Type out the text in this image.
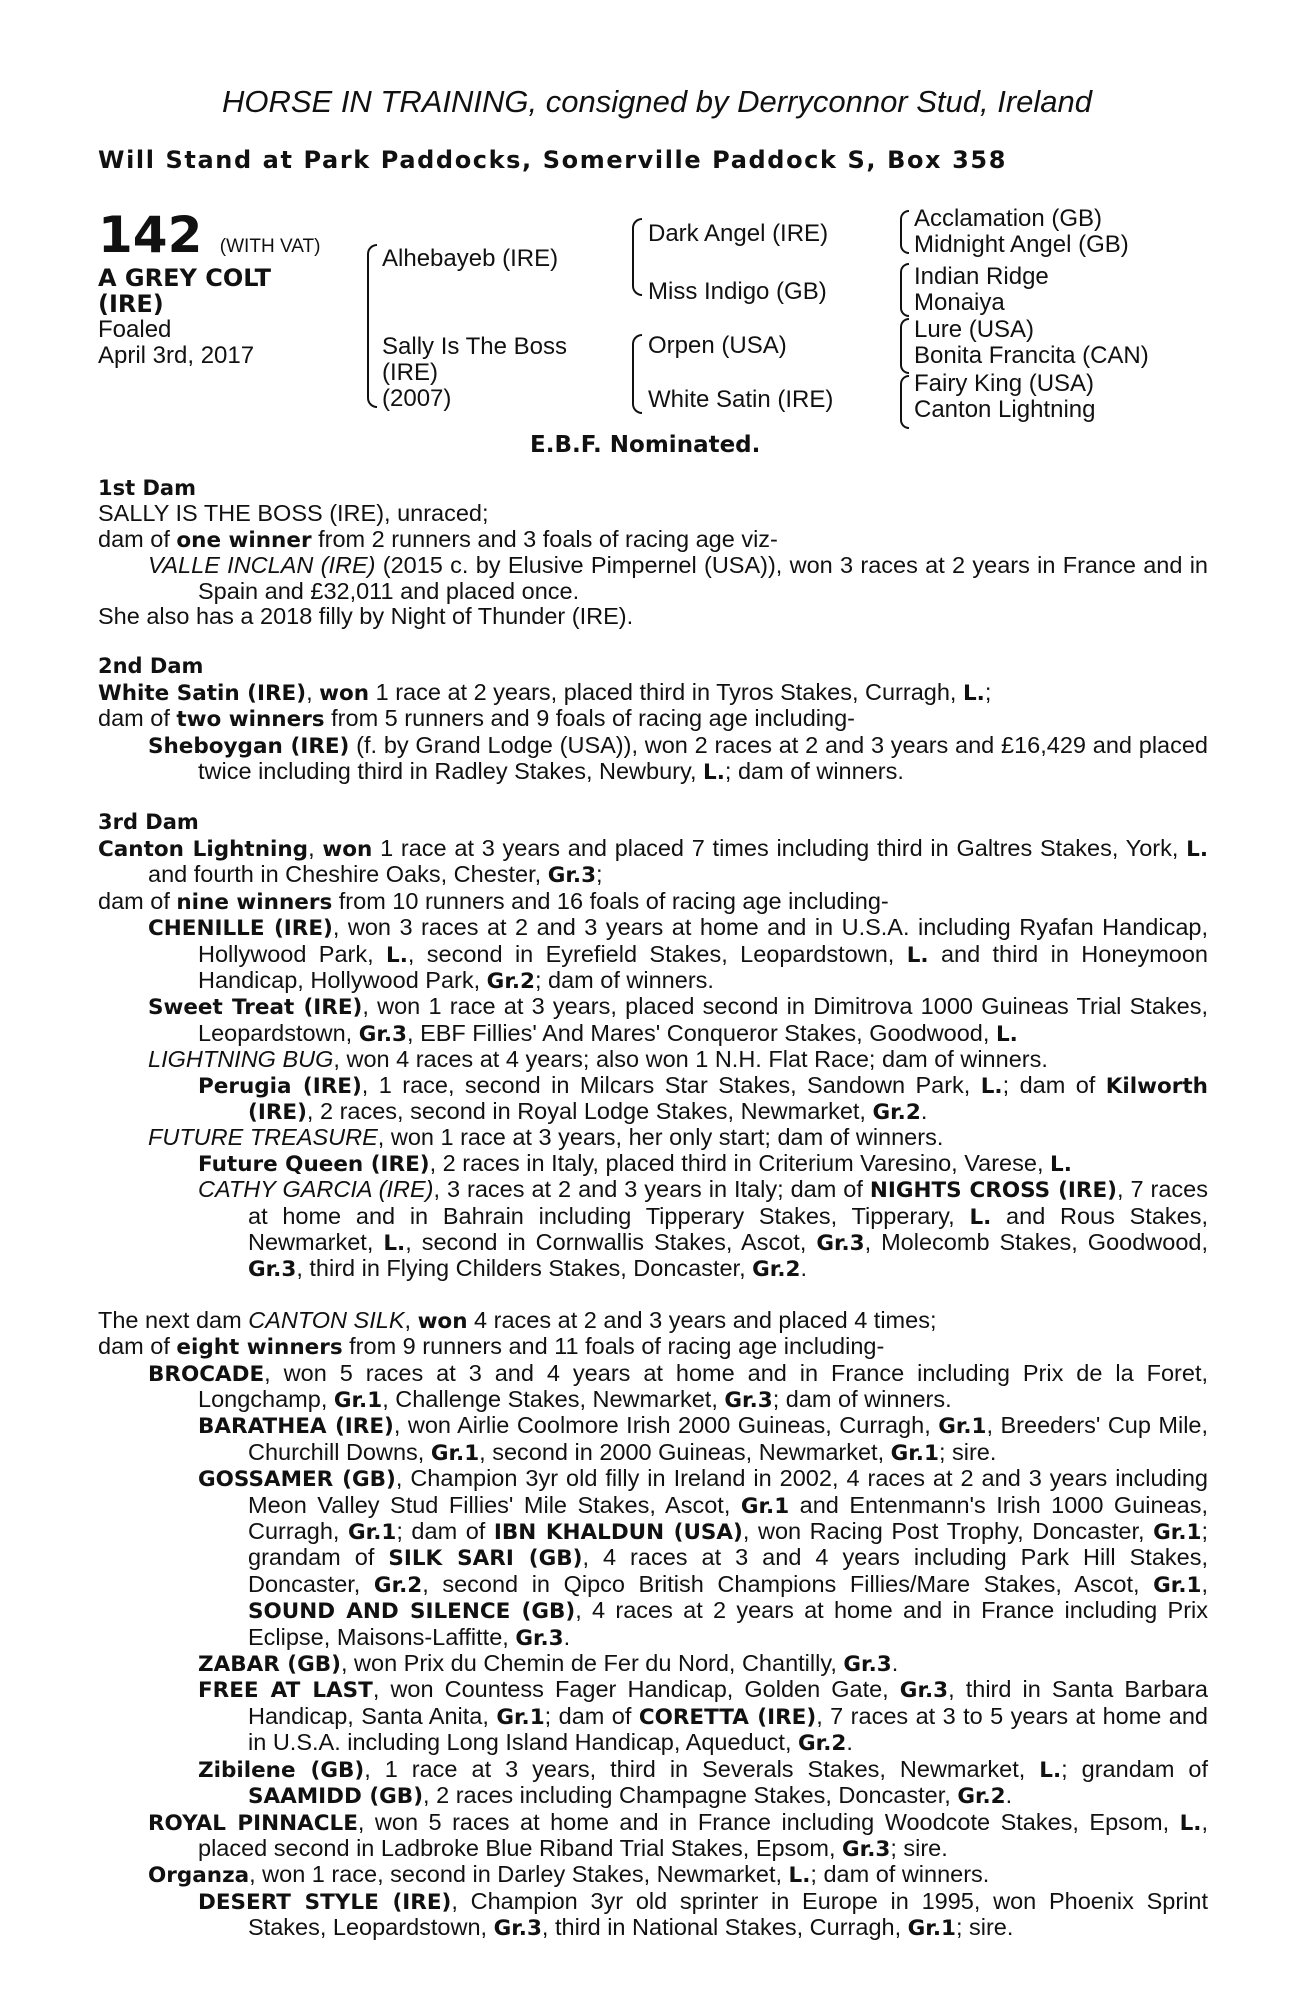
HORSE IN TRAINING, consigned by Derryconnor Stud, Ireland
Will Stand at Park Paddocks, Somerville Paddock S, Box 358
142 (WITH VAT)
A GREY COLT
(IRE)
Foaled
April 3rd, 2017
Alhebayeb (IRE)
Sally Is The Boss
(IRE)
(2007)
Dark Angel (IRE)
Miss Indigo (GB)
Orpen (USA)
White Satin (IRE)
Acclamation (GB)
Midnight Angel (GB)
Indian Ridge
Monaiya
Lure (USA)
Bonita Francita (CAN)
Fairy King (USA)
Canton Lightning
E.B.F. Nominated.

1st Dam

SALLY IS THE BOSS (IRE), unraced;

dam of one winner from 2 runners and 3 foals of racing age viz-

VALLE INCLAN (IRE) (2015 c. by Elusive Pimpernel (USA)), won 3 races at 2 years in France and in Spain and £32,011 and placed once.

She also has a 2018 filly by Night of Thunder (IRE).

2nd Dam

White Satin (IRE), won 1 race at 2 years, placed third in Tyros Stakes, Curragh, L.;

dam of two winners from 5 runners and 9 foals of racing age including-

Sheboygan (IRE) (f. by Grand Lodge (USA)), won 2 races at 2 and 3 years and £16,429 and placed twice including third in Radley Stakes, Newbury, L.; dam of winners.

3rd Dam

Canton Lightning, won 1 race at 3 years and placed 7 times including third in Galtres Stakes, York, L. and fourth in Cheshire Oaks, Chester, Gr.3;

dam of nine winners from 10 runners and 16 foals of racing age including-

CHENILLE (IRE), won 3 races at 2 and 3 years at home and in U.S.A. including Ryafan Handicap, Hollywood Park, L., second in Eyrefield Stakes, Leopardstown, L. and third in Honeymoon Handicap, Hollywood Park, Gr.2; dam of winners.

Sweet Treat (IRE), won 1 race at 3 years, placed second in Dimitrova 1000 Guineas Trial Stakes, Leopardstown, Gr.3, EBF Fillies' And Mares' Conqueror Stakes, Goodwood, L.

LIGHTNING BUG, won 4 races at 4 years; also won 1 N.H. Flat Race; dam of winners.

Perugia (IRE), 1 race, second in Milcars Star Stakes, Sandown Park, L.; dam of Kilworth (IRE), 2 races, second in Royal Lodge Stakes, Newmarket, Gr.2.

FUTURE TREASURE, won 1 race at 3 years, her only start; dam of winners.

Future Queen (IRE), 2 races in Italy, placed third in Criterium Varesino, Varese, L.

CATHY GARCIA (IRE), 3 races at 2 and 3 years in Italy; dam of NIGHTS CROSS (IRE), 7 races at home and in Bahrain including Tipperary Stakes, Tipperary, L. and Rous Stakes, Newmarket, L., second in Cornwallis Stakes, Ascot, Gr.3, Molecomb Stakes, Goodwood, Gr.3, third in Flying Childers Stakes, Doncaster, Gr.2.

The next dam CANTON SILK, won 4 races at 2 and 3 years and placed 4 times;

dam of eight winners from 9 runners and 11 foals of racing age including-

BROCADE, won 5 races at 3 and 4 years at home and in France including Prix de la Foret, Longchamp, Gr.1, Challenge Stakes, Newmarket, Gr.3; dam of winners.

BARATHEA (IRE), won Airlie Coolmore Irish 2000 Guineas, Curragh, Gr.1, Breeders' Cup Mile, Churchill Downs, Gr.1, second in 2000 Guineas, Newmarket, Gr.1; sire.

GOSSAMER (GB), Champion 3yr old filly in Ireland in 2002, 4 races at 2 and 3 years including Meon Valley Stud Fillies' Mile Stakes, Ascot, Gr.1 and Entenmann's Irish 1000 Guineas, Curragh, Gr.1; dam of IBN KHALDUN (USA), won Racing Post Trophy, Doncaster, Gr.1; grandam of SILK SARI (GB), 4 races at 3 and 4 years including Park Hill Stakes, Doncaster, Gr.2, second in Qipco British Champions Fillies/Mare Stakes, Ascot, Gr.1, SOUND AND SILENCE (GB), 4 races at 2 years at home and in France including Prix Eclipse, Maisons-Laffitte, Gr.3.

ZABAR (GB), won Prix du Chemin de Fer du Nord, Chantilly, Gr.3.

FREE AT LAST, won Countess Fager Handicap, Golden Gate, Gr.3, third in Santa Barbara Handicap, Santa Anita, Gr.1; dam of CORETTA (IRE), 7 races at 3 to 5 years at home and in U.S.A. including Long Island Handicap, Aqueduct, Gr.2.

Zibilene (GB), 1 race at 3 years, third in Severals Stakes, Newmarket, L.; grandam of SAAMIDD (GB), 2 races including Champagne Stakes, Doncaster, Gr.2.

ROYAL PINNACLE, won 5 races at home and in France including Woodcote Stakes, Epsom, L., placed second in Ladbroke Blue Riband Trial Stakes, Epsom, Gr.3; sire.

Organza, won 1 race, second in Darley Stakes, Newmarket, L.; dam of winners.

DESERT STYLE (IRE), Champion 3yr old sprinter in Europe in 1995, won Phoenix Sprint Stakes, Leopardstown, Gr.3, third in National Stakes, Curragh, Gr.1; sire.
